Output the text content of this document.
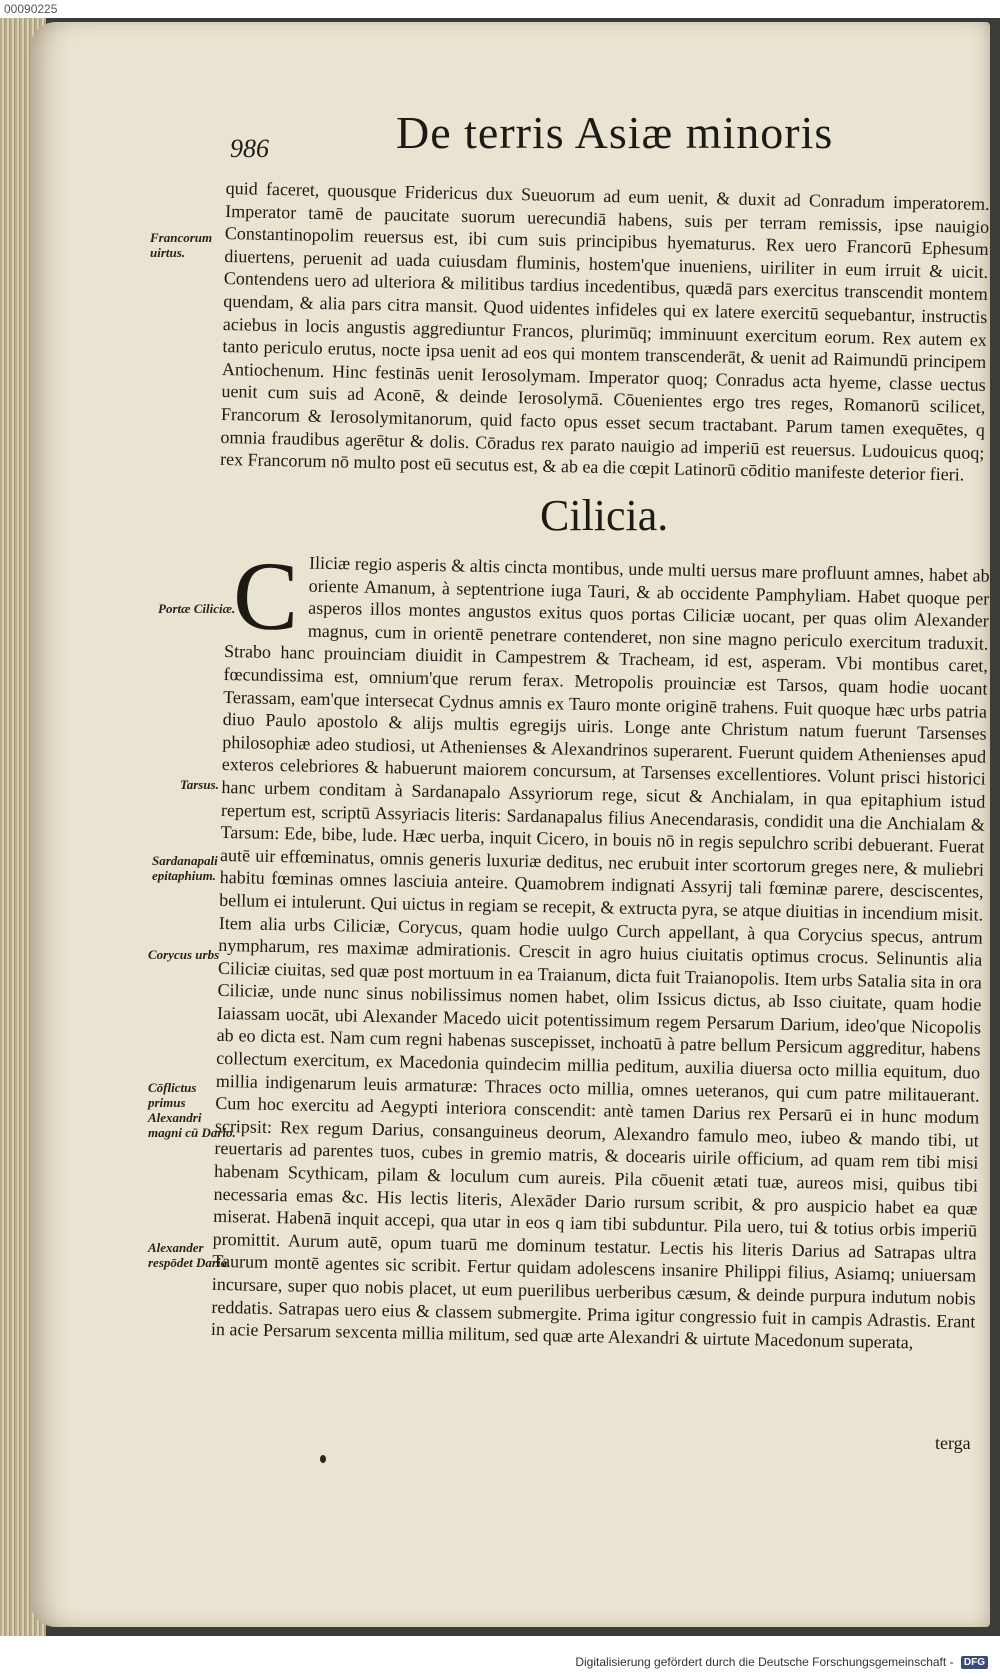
00090225
986	De terris Asiæ minoris

quid faceret, quousque Fridericus dux Sueuorum ad eum uenit, & duxit ad Conradum imperatorem. Imperator tamē de paucitate suorum uerecundiā habens, suis per terram remissis, ipse nauigio Constantinopolim reuersus est, ibi cum suis principibus hyematurus. Rex uero Francorū Ephesum diuertens, peruenit ad uada cuiusdam fluminis, hostem'que inueniens, uiriliter in eum irruit & uicit. Contendens uero ad ulteriora & militibus tardius incedentibus, quædā pars exercitus transcendit montem quendam, & alia pars citra mansit. Quod uidentes infideles qui ex latere exercitū sequebantur, instructis aciebus in locis angustis aggrediuntur Francos, plurimūq; imminuunt exercitum eorum. Rex autem ex tanto periculo erutus, nocte ipsa uenit ad eos qui montem transcenderāt, & uenit ad Raimundū principem Antiochenum. Hinc festinās uenit Ierosolymam. Imperator quoq; Conradus acta hyeme, classe uectus uenit cum suis ad Aconē, & deinde Ierosolymā. Cōuenientes ergo tres reges, Romanorū scilicet, Francorum & Ierosolymitanorum, quid facto opus esset secum tractabant. Parum tamen exequētes, q omnia fraudibus agerētur & dolis. Cōradus rex parato nauigio ad imperiū est reuersus. Ludouicus quoq; rex Francorum nō multo post eū secutus est, & ab ea die cœpit Latinorū cōditio manifeste deterior fieri.

Cilicia.
C Iliciæ regio asperis & altis cincta montibus, unde multi uersus mare profluunt amnes, habet ab oriente Amanum, à septentrione iuga Tauri, & ab occidente Pamphyliam. Habet quoque per asperos illos montes angustos exitus quos portas Ciliciæ uocant, per quas olim Alexander magnus, cum in orientē penetrare contenderet, non sine magno periculo exercitum traduxit. Strabo hanc prouinciam diuidit in Campestrem & Tracheam, id est, asperam. Vbi montibus caret, fœcundissima est, omnium'que rerum ferax. Metropolis prouinciæ est Tarsos, quam hodie uocant Terassam, eam'que intersecat Cydnus amnis ex Tauro monte originē trahens. Fuit quoque hæc urbs patria diuo Paulo apostolo & alijs multis egregijs uiris. Longe ante Christum natum fuerunt Tarsenses philosophiæ adeo studiosi, ut Athenienses & Alexandrinos superarent. Fuerunt quidem Athenienses apud exteros celebriores & habuerunt maiorem concursum, at Tarsenses excellentiores. Volunt prisci historici hanc urbem conditam à Sardanapalo Assyriorum rege, sicut & Anchialam, in qua epitaphium istud repertum est, scriptū Assyriacis literis: Sardanapalus filius Anecendarasis, condidit una die Anchialam & Tarsum: Ede, bibe, lude. Hæc uerba, inquit Cicero, in bouis nō in regis sepulchro scribi debuerant. Fuerat autē uir effœminatus, omnis generis luxuriæ deditus, nec erubuit inter scortorum greges nere, & muliebri habitu fœminas omnes lasciuia anteire. Quamobrem indignati Assyrij tali fœminæ parere, desciscentes, bellum ei intulerunt. Qui uictus in regiam se recepit, & extructa pyra, se atque diuitias in incendium misit. Item alia urbs Ciliciæ, Corycus, quam hodie uulgo Curch appellant, à qua Corycius specus, antrum nympharum, res maximæ admirationis. Crescit in agro huius ciuitatis optimus crocus. Selinuntis alia Ciliciæ ciuitas, sed quæ post mortuum in ea Traianum, dicta fuit Traianopolis. Item urbs Satalia sita in ora Ciliciæ, unde nunc sinus nobilissimus nomen habet, olim Issicus dictus, ab Isso ciuitate, quam hodie Iaiassam uocāt, ubi Alexander Macedo uicit potentissimum regem Persarum Darium, ideo'que Nicopolis ab eo dicta est. Nam cum regni habenas suscepisset, inchoatū à patre bellum Persicum aggreditur, habens collectum exercitum, ex Macedonia quindecim millia peditum, auxilia diuersa octo millia equitum, duo millia indigenarum leuis armaturæ: Thraces octo millia, omnes ueteranos, qui cum patre militauerant. Cum hoc exercitu ad Aegypti interiora conscendit: antè tamen Darius rex Persarū ei in hunc modum scripsit: Rex regum Darius, consanguineus deorum, Alexandro famulo meo, iubeo & mando tibi, ut reuertaris ad parentes tuos, cubes in gremio matris, & docearis uirile officium, ad quam rem tibi misi habenam Scythicam, pilam & loculum cum aureis. Pila cōuenit ætati tuæ, aureos misi, quibus tibi necessaria emas &c. His lectis literis, Alexāder Dario rursum scribit, & pro auspicio habet ea quæ miserat. Habenā inquit accepi, qua utar in eos q iam tibi subduntur. Pila uero, tui & totius orbis imperiū promittit. Aurum autē, opum tuarū me dominum testatur. Lectis his literis Darius ad Satrapas ultra Taurum montē agentes sic scribit. Fertur quidam adolescens insanire Philippi filius, Asiamq; uniuersam incursare, super quo nobis placet, ut eum puerilibus uerberibus cæsum, & deinde purpura indutum nobis reddatis. Satrapas uero eius & classem submergite. Prima igitur congressio fuit in campis Adrastis. Erant in acie Persarum sexcenta millia militum, sed quæ arte Alexandri & uirtute Macedonum superata,

terga

Francorum uirtus.

Portæ Ciliciæ.

Tarsus.

Sardanapali epitaphium.

Corycus urbs

Cōflictus primus Alexandri magni cū Dario.

Alexander respōdet Dario.

Digitalisierung gefördert durch die Deutsche Forschungsgemeinschaft - DFG
